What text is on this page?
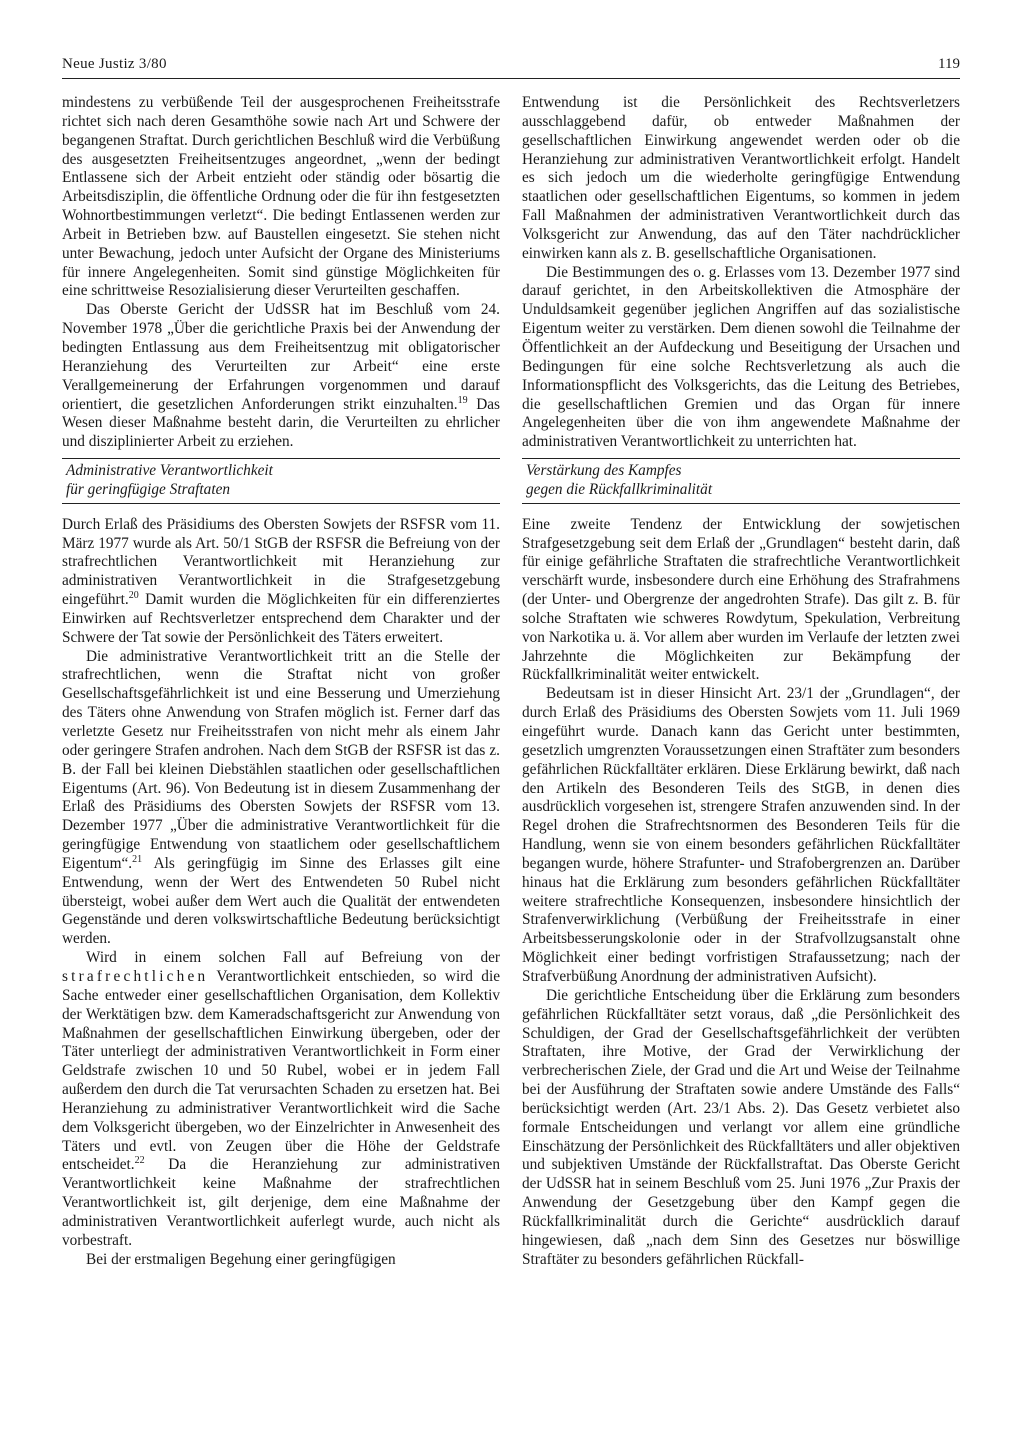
Neue Justiz 3/80	119

mindestens zu verbüßende Teil der ausgesprochenen Freiheitsstrafe richtet sich nach deren Gesamthöhe sowie nach Art und Schwere der begangenen Straftat. Durch gerichtlichen Beschluß wird die Verbüßung des ausgesetzten Freiheitsentzuges angeordnet, „wenn der bedingt Entlassene sich der Arbeit entzieht oder ständig oder bösartig die Arbeitsdisziplin, die öffentliche Ordnung oder die für ihn festgesetzten Wohnortbestimmungen verletzt“. Die bedingt Entlassenen werden zur Arbeit in Betrieben bzw. auf Baustellen eingesetzt. Sie stehen nicht unter Bewachung, jedoch unter Aufsicht der Organe des Ministeriums für innere Angelegenheiten. Somit sind günstige Möglichkeiten für eine schrittweise Resozialisierung dieser Verurteilten geschaffen.

Das Oberste Gericht der UdSSR hat im Beschluß vom 24. November 1978 „Über die gerichtliche Praxis bei der Anwendung der bedingten Entlassung aus dem Freiheitsentzug mit obligatorischer Heranziehung des Verurteilten zur Arbeit“ eine erste Verallgemeinerung der Erfahrungen vorgenommen und darauf orientiert, die gesetzlichen Anforderungen strikt einzuhalten.$^{19}$ Das Wesen dieser Maßnahme besteht darin, die Verurteilten zu ehrlicher und disziplinierter Arbeit zu erziehen.

Administrative Verantwortlichkeit
für geringfügige Straftaten

Durch Erlaß des Präsidiums des Obersten Sowjets der RSFSR vom 11. März 1977 wurde als Art. 50/1 StGB der RSFSR die Befreiung von der strafrechtlichen Verantwortlichkeit mit Heranziehung zur administrativen Verantwortlichkeit in die Strafgesetzgebung eingeführt.$^{20}$ Damit wurden die Möglichkeiten für ein differenziertes Einwirken auf Rechtsverletzer entsprechend dem Charakter und der Schwere der Tat sowie der Persönlichkeit des Täters erweitert.

Die administrative Verantwortlichkeit tritt an die Stelle der strafrechtlichen, wenn die Straftat nicht von großer Gesellschaftsgefährlichkeit ist und eine Besserung und Umerziehung des Täters ohne Anwendung von Strafen möglich ist. Ferner darf das verletzte Gesetz nur Freiheitsstrafen von nicht mehr als einem Jahr oder geringere Strafen androhen. Nach dem StGB der RSFSR ist das z. B. der Fall bei kleinen Diebstählen staatlichen oder gesellschaftlichen Eigentums (Art. 96). Von Bedeutung ist in diesem Zusammenhang der Erlaß des Präsidiums des Obersten Sowjets der RSFSR vom 13. Dezember 1977 „Über die administrative Verantwortlichkeit für die geringfügige Entwendung von staatlichem oder gesellschaftlichem Eigentum“.$^{21}$ Als geringfügig im Sinne des Erlasses gilt eine Entwendung, wenn der Wert des Entwendeten 50 Rubel nicht übersteigt, wobei außer dem Wert auch die Qualität der entwendeten Gegenstände und deren volkswirtschaftliche Bedeutung berücksichtigt werden.

Wird in einem solchen Fall auf Befreiung von der strafrechtlichen Verantwortlichkeit entschieden, so wird die Sache entweder einer gesellschaftlichen Organisation, dem Kollektiv der Werktätigen bzw. dem Kameradschaftsgericht zur Anwendung von Maßnahmen der gesellschaftlichen Einwirkung übergeben, oder der Täter unterliegt der administrativen Verantwortlichkeit in Form einer Geldstrafe zwischen 10 und 50 Rubel, wobei er in jedem Fall außerdem den durch die Tat verursachten Schaden zu ersetzen hat. Bei Heranziehung zu administrativer Verantwortlichkeit wird die Sache dem Volksgericht übergeben, wo der Einzelrichter in Anwesenheit des Täters und evtl. von Zeugen über die Höhe der Geldstrafe entscheidet.$^{22}$ Da die Heranziehung zur administrativen Verantwortlichkeit keine Maßnahme der strafrechtlichen Verantwortlichkeit ist, gilt derjenige, dem eine Maßnahme der administrativen Verantwortlichkeit auferlegt wurde, auch nicht als vorbestraft.

Bei der erstmaligen Begehung einer geringfügigen

Entwendung ist die Persönlichkeit des Rechtsverletzers ausschlaggebend dafür, ob entweder Maßnahmen der gesellschaftlichen Einwirkung angewendet werden oder ob die Heranziehung zur administrativen Verantwortlichkeit erfolgt. Handelt es sich jedoch um die wiederholte geringfügige Entwendung staatlichen oder gesellschaftlichen Eigentums, so kommen in jedem Fall Maßnahmen der administrativen Verantwortlichkeit durch das Volksgericht zur Anwendung, das auf den Täter nachdrücklicher einwirken kann als z. B. gesellschaftliche Organisationen.

Die Bestimmungen des o. g. Erlasses vom 13. Dezember 1977 sind darauf gerichtet, in den Arbeitskollektiven die Atmosphäre der Unduldsamkeit gegenüber jeglichen Angriffen auf das sozialistische Eigentum weiter zu verstärken. Dem dienen sowohl die Teilnahme der Öffentlichkeit an der Aufdeckung und Beseitigung der Ursachen und Bedingungen für eine solche Rechtsverletzung als auch die Informationspflicht des Volksgerichts, das die Leitung des Betriebes, die gesellschaftlichen Gremien und das Organ für innere Angelegenheiten über die von ihm angewendete Maßnahme der administrativen Verantwortlichkeit zu unterrichten hat.

Verstärkung des Kampfes
gegen die Rückfallkriminalität

Eine zweite Tendenz der Entwicklung der sowjetischen Strafgesetzgebung seit dem Erlaß der „Grundlagen“ besteht darin, daß für einige gefährliche Straftaten die strafrechtliche Verantwortlichkeit verschärft wurde, insbesondere durch eine Erhöhung des Strafrahmens (der Unter- und Obergrenze der angedrohten Strafe). Das gilt z. B. für solche Straftaten wie schweres Rowdytum, Spekulation, Verbreitung von Narkotika u. ä. Vor allem aber wurden im Verlaufe der letzten zwei Jahrzehnte die Möglichkeiten zur Bekämpfung der Rückfallkriminalität weiter entwickelt.

Bedeutsam ist in dieser Hinsicht Art. 23/1 der „Grundlagen“, der durch Erlaß des Präsidiums des Obersten Sowjets vom 11. Juli 1969 eingeführt wurde. Danach kann das Gericht unter bestimmten, gesetzlich umgrenzten Voraussetzungen einen Straftäter zum besonders gefährlichen Rückfalltäter erklären. Diese Erklärung bewirkt, daß nach den Artikeln des Besonderen Teils des StGB, in denen dies ausdrücklich vorgesehen ist, strengere Strafen anzuwenden sind. In der Regel drohen die Strafrechtsnormen des Besonderen Teils für die Handlung, wenn sie von einem besonders gefährlichen Rückfalltäter begangen wurde, höhere Strafunter- und Strafobergrenzen an. Darüber hinaus hat die Erklärung zum besonders gefährlichen Rückfalltäter weitere strafrechtliche Konsequenzen, insbesondere hinsichtlich der Strafenverwirklichung (Verbüßung der Freiheitsstrafe in einer Arbeitsbesserungskolonie oder in der Strafvollzugsanstalt ohne Möglichkeit einer bedingt vorfristigen Strafaussetzung; nach der Strafverbüßung Anordnung der administrativen Aufsicht).

Die gerichtliche Entscheidung über die Erklärung zum besonders gefährlichen Rückfalltäter setzt voraus, daß „die Persönlichkeit des Schuldigen, der Grad der Gesellschaftsgefährlichkeit der verübten Straftaten, ihre Motive, der Grad der Verwirklichung der verbrecherischen Ziele, der Grad und die Art und Weise der Teilnahme bei der Ausführung der Straftaten sowie andere Umstände des Falls“ berücksichtigt werden (Art. 23/1 Abs. 2). Das Gesetz verbietet also formale Entscheidungen und verlangt vor allem eine gründliche Einschätzung der Persönlichkeit des Rückfalltäters und aller objektiven und subjektiven Umstände der Rückfallstraftat. Das Oberste Gericht der UdSSR hat in seinem Beschluß vom 25. Juni 1976 „Zur Praxis der Anwendung der Gesetzgebung über den Kampf gegen die Rückfallkriminalität durch die Gerichte“ ausdrücklich darauf hingewiesen, daß „nach dem Sinn des Gesetzes nur böswillige Straftäter zu besonders gefährlichen Rückfall-
